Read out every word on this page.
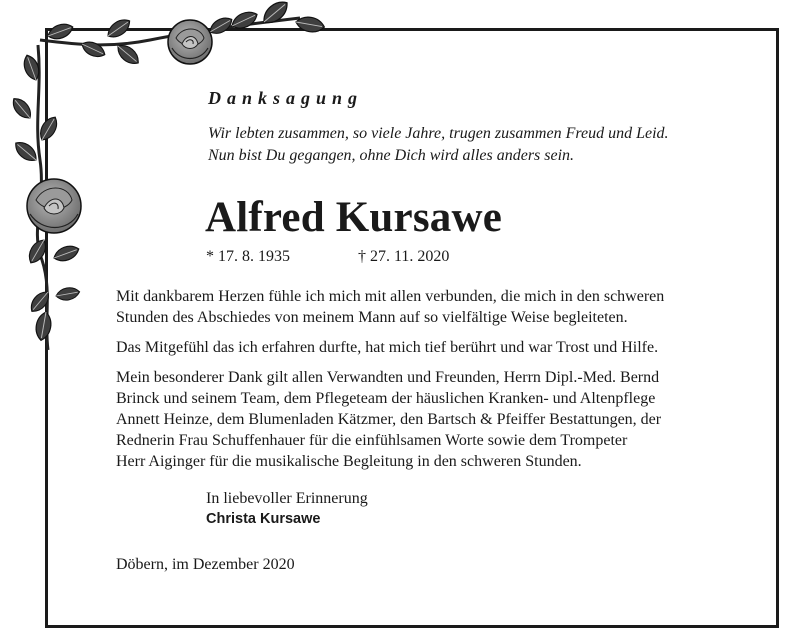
Danksagung
Wir lebten zusammen, so viele Jahre, trugen zusammen Freud und Leid.
Nun bist Du gegangen, ohne Dich wird alles anders sein.
Alfred Kursawe
* 17. 8. 1935	† 27. 11. 2020

Mit dankbarem Herzen fühle ich mich mit allen verbunden, die mich in den schweren
Stunden des Abschiedes von meinem Mann auf so vielfältige Weise begleiteten.

Das Mitgefühl das ich erfahren durfte, hat mich tief berührt und war Trost und Hilfe.

Mein besonderer Dank gilt allen Verwandten und Freunden, Herrn Dipl.-Med. Bernd
Brinck und seinem Team, dem Pflegeteam der häuslichen Kranken- und Altenpflege
Annett Heinze, dem Blumenladen Kätzmer, den Bartsch & Pfeiffer Bestattungen, der
Rednerin Frau Schuffenhauer für die einfühlsamen Worte sowie dem Trompeter
Herr Aiginger für die musikalische Begleitung in den schweren Stunden.

In liebevoller Erinnerung
Christa Kursawe
Döbern, im Dezember 2020
